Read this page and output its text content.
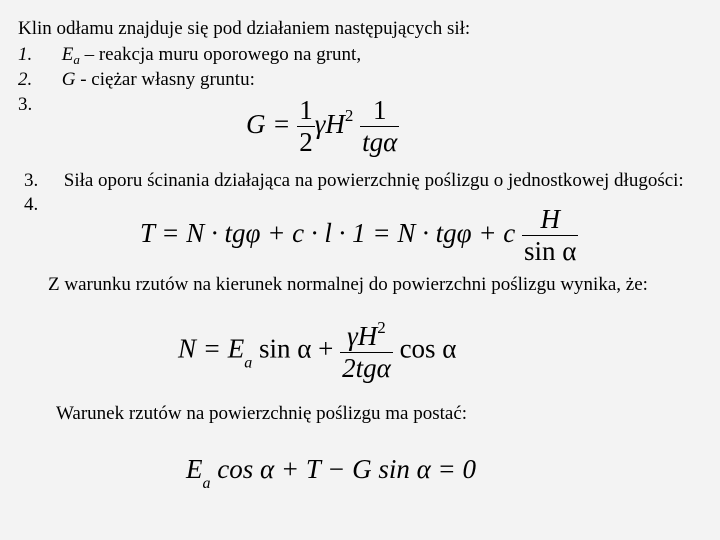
Klin odłamu znajduje się pod działaniem następujących sił:
1. $E_a$ – reakcja muru oporowego na grunt,
2. G - ciężar własny gruntu:
3.
$G = \frac{1}{2} \gamma H^2 \frac{1}{\text{tgα}}$
3. Siła oporu ścinania działająca na powierzchnię poślizgu o jednostkowej długości:
4.
T = N · tgφ + c · l · 1 = N · tgφ + c $\frac{H}{\text{sin α}}$
Z warunku rzutów na kierunek normalnej do powierzchni poślizgu wynika, że:
$N = E_a$ $\sin \alpha + \frac{\gamma H^2}{\text{2tgα}}$ cos α
Warunek rzutów na powierzchnię poślizgu ma postać:
$E_a$ cos α + T − G sin α = 0
